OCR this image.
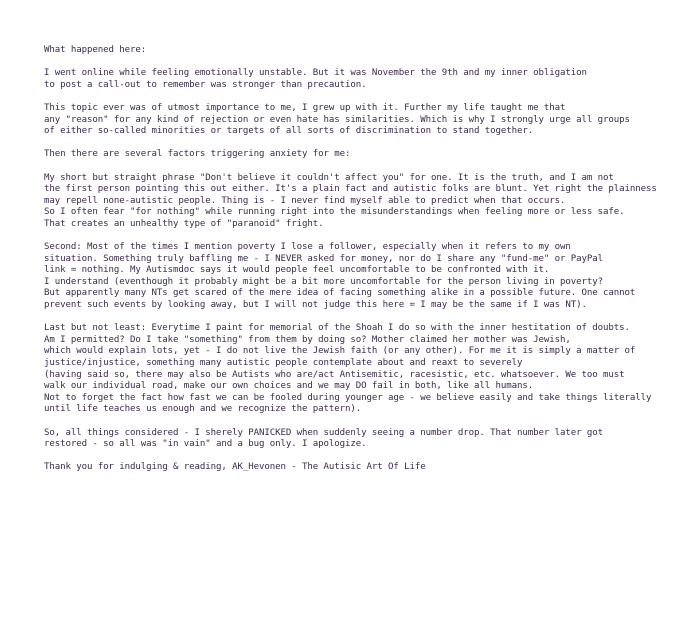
What happened here:
I went online while feeling emotionally unstable. But it was November the 9th and my inner obligation
to post a call-out to remember was stronger than precaution.
This topic ever was of utmost importance to me, I grew up with it. Further my life taught me that
any "reason" for any kind of rejection or even hate has similarities. Which is why I strongly urge all groups
of either so-called minorities or targets of all sorts of discrimination to stand together.
Then there are several factors triggering anxiety for me:
My short but straight phrase "Don't believe it couldn't affect you" for one. It is the truth, and I am not
the first person pointing this out either. It's a plain fact and autistic folks are blunt. Yet right the plainness
may repell none-autistic people. Thing is - I never find myself able to predict when that occurs.
So I often fear "for nothing" while running right into the misunderstandings when feeling more or less safe.
That creates an unhealthy type of "paranoid" fright.
Second: Most of the times I mention poverty I lose a follower, especially when it refers to my own
situation. Something truly baffling me - I NEVER asked for money, nor do I share any "fund-me" or PayPal
link = nothing. My Autismdoc says it would people feel uncomfortable to be confronted with it.
I understand (eventhough it probably might be a bit more uncomfortable for the person living in poverty?
But apparently many NTs get scared of the mere idea of facing something alike in a possible future. One cannot
prevent such events by looking away, but I will not judge this here = I may be the same if I was NT).
Last but not least: Everytime I paint for memorial of the Shoah I do so with the inner hestitation of doubts.
Am I permitted? Do I take "something" from them by doing so? Mother claimed her mother was Jewish,
which would explain lots, yet - I do not live the Jewish faith (or any other). For me it is simply a matter of
justice/injustice, something many autistic people contemplate about and reaxt to severely
(having said so, there may also be Autists who are/act Antisemitic, racesistic, etc. whatsoever. We too must
walk our individual road, make our own choices and we may DO fail in both, like all humans.
Not to forget the fact how fast we can be fooled during younger age - we believe easily and take things literally
until life teaches us enough and we recognize the pattern).
So, all things considered - I sherely PANICKED when suddenly seeing a number drop. That number later got
restored - so all was "in vain" and a bug only. I apologize.
Thank you for indulging & reading, AK_Hevonen - The Autisic Art Of Life
